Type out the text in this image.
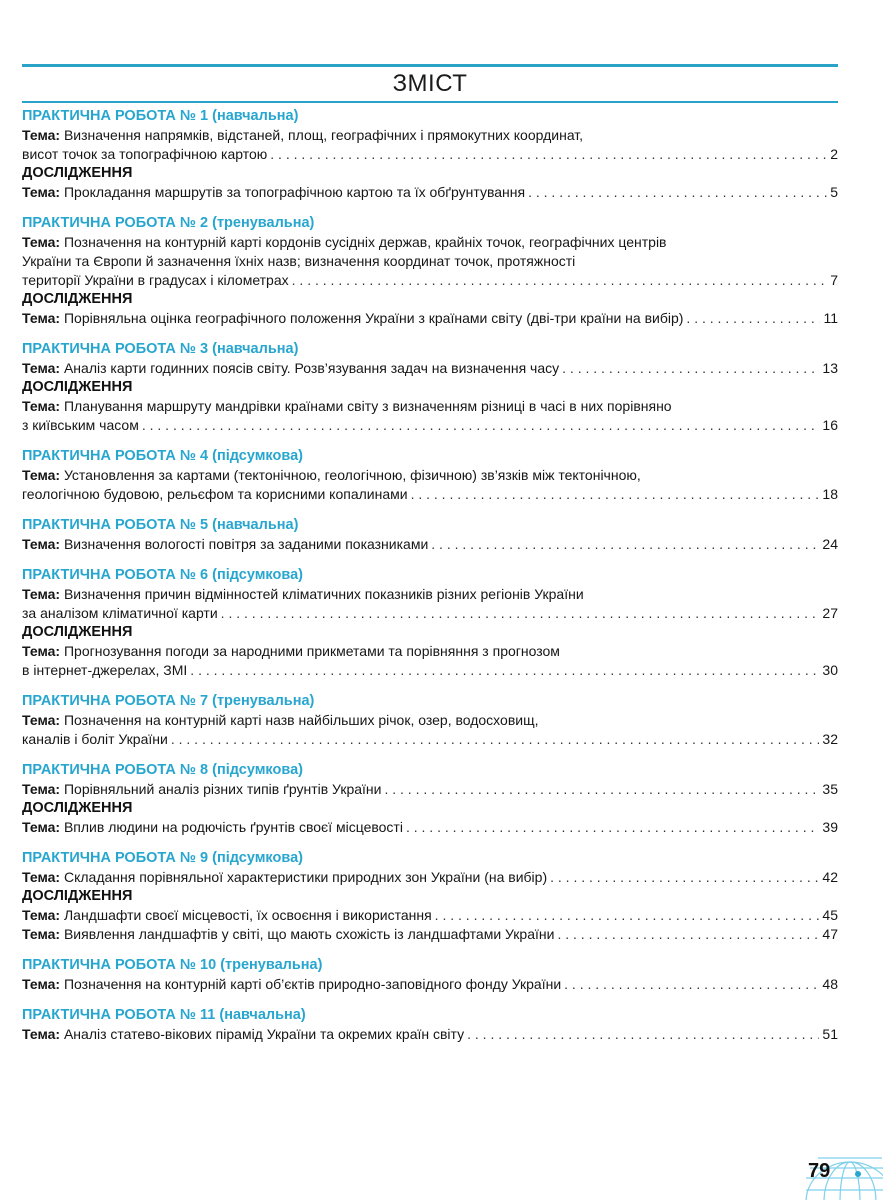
ЗМІСТ
ПРАКТИЧНА РОБОТА № 1 (навчальна)
Тема: Визначення напрямків, відстаней, площ, географічних і прямокутних координат,
висот точок за топографічною картою . . .	2
ДОСЛІДЖЕННЯ
Тема: Прокладання маршрутів за топографічною картою та їх обґрунтування . . .	5
ПРАКТИЧНА РОБОТА № 2 (тренувальна)
Тема: Позначення на контурній карті кордонів сусідніх держав, крайніх точок, географічних центрів
України та Європи й зазначення їхніх назв; визначення координат точок, протяжності
території України в градусах і кілометрах . . .	7
ДОСЛІДЖЕННЯ
Тема: Порівняльна оцінка географічного положення України з країнами світу (дві-три країни на вибір) . . .	11
ПРАКТИЧНА РОБОТА № 3 (навчальна)
Тема: Аналіз карти годинних поясів світу. Розв’язування задач на визначення часу . . .	13
ДОСЛІДЖЕННЯ
Тема: Планування маршруту мандрівки країнами світу з визначенням різниці в часі в них порівняно
з київським часом . . .	16
ПРАКТИЧНА РОБОТА № 4 (підсумкова)
Тема: Установлення за картами (тектонічною, геологічною, фізичною) зв’язків між тектонічною,
геологічною будовою, рельєфом та корисними копалинами . . .	18
ПРАКТИЧНА РОБОТА № 5 (навчальна)
Тема: Визначення вологості повітря за заданими показниками . . .	24
ПРАКТИЧНА РОБОТА № 6 (підсумкова)
Тема: Визначення причин відмінностей кліматичних показників різних регіонів України
за аналізом кліматичної карти . . .	27
ДОСЛІДЖЕННЯ
Тема: Прогнозування погоди за народними прикметами та порівняння з прогнозом
в інтернет-джерелах, ЗМІ . . .	30
ПРАКТИЧНА РОБОТА № 7 (тренувальна)
Тема: Позначення на контурній карті назв найбільших річок, озер, водосховищ,
каналів і боліт України . . .	32
ПРАКТИЧНА РОБОТА № 8 (підсумкова)
Тема: Порівняльний аналіз різних типів ґрунтів України . . .	35
ДОСЛІДЖЕННЯ
Тема: Вплив людини на родючість ґрунтів своєї місцевості . . .	39
ПРАКТИЧНА РОБОТА № 9 (підсумкова)
Тема: Складання порівняльної характеристики природних зон України (на вибір) . . .	42
ДОСЛІДЖЕННЯ
Тема: Ландшафти своєї місцевості, їх освоєння і використання . . .	45
Тема: Виявлення ландшафтів у світі, що мають схожість із ландшафтами України . . .	47
ПРАКТИЧНА РОБОТА № 10 (тренувальна)
Тема: Позначення на контурній карті об’єктів природно-заповідного фонду України . . .	48
ПРАКТИЧНА РОБОТА № 11 (навчальна)
Тема: Аналіз статево-вікових пірамід України та окремих країн світу . . .	51
79
